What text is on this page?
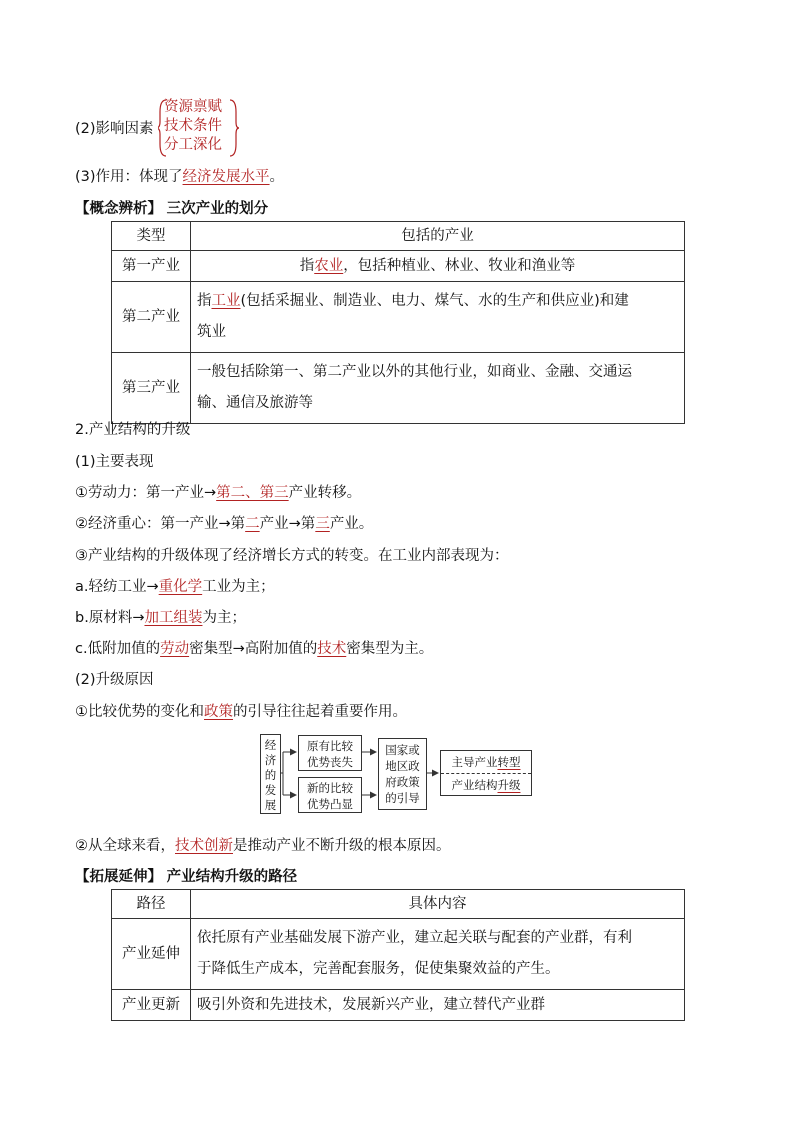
(2)影响因素
资源禀赋
技术条件
分工深化
(3)作用：体现了经济发展水平。
【概念辨析】 三次产业的划分
类型	包括的产业
第一产业	指农业，包括种植业、林业、牧业和渔业等
第二产业	指工业(包括采掘业、制造业、电力、煤气、水的生产和供应业)和建
筑业
第三产业	一般包括除第一、第二产业以外的其他行业，如商业、金融、交通运
输、通信及旅游等
2.产业结构的升级
(1)主要表现
①劳动力：第一产业→第二、第三产业转移。
②经济重心：第一产业→第二产业→第三产业。
③产业结构的升级体现了经济增长方式的转变。在工业内部表现为：
a.轻纺工业→重化学工业为主；
b.原材料→加工组装为主；
c.低附加值的劳动密集型→高附加值的技术密集型为主。
(2)升级原因
①比较优势的变化和政策的引导往往起着重要作用。
经
济
的
发
展
原有比较
优势丧失
新的比较
优势凸显
国家或
地区政
府政策
的引导
主导产业转型
产业结构升级
②从全球来看，技术创新是推动产业不断升级的根本原因。
【拓展延伸】 产业结构升级的路径
路径	具体内容
产业延伸	依托原有产业基础发展下游产业，建立起关联与配套的产业群，有利
于降低生产成本，完善配套服务，促使集聚效益的产生。
产业更新	吸引外资和先进技术，发展新兴产业，建立替代产业群
